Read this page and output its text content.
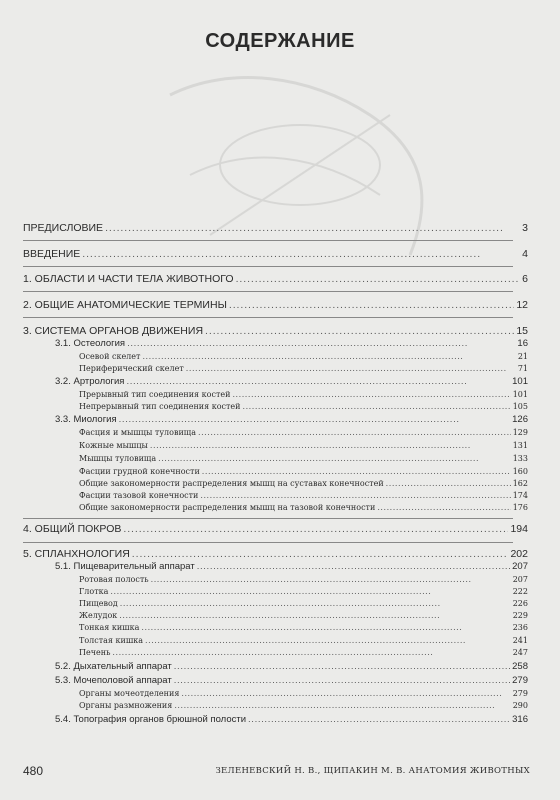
СОДЕРЖАНИЕ
ПРЕДИСЛОВИЕ . . .	3
ВВЕДЕНИЕ . . .	4
1. ОБЛАСТИ И ЧАСТИ ТЕЛА ЖИВОТНОГО . . .	6
2. ОБЩИЕ АНАТОМИЧЕСКИЕ ТЕРМИНЫ . . .	12
3. СИСТЕМА ОРГАНОВ ДВИЖЕНИЯ . . .	15
3.1. Остеология . . .	16
Осевой скелет . . .	21
Периферический скелет . . .	71
3.2. Артрология . . .	101
Прерывный тип соединения костей . . .	101
Непрерывный тип соединения костей . . .	105
3.3. Миология . . .	126
Фасция и мышцы туловища . . .	129
Кожные мышцы . . .	131
Мышцы туловища . . .	133
Фасции грудной конечности . . .	160
Общие закономерности распределения мышц на суставах конечностей . . .	162
Фасции тазовой конечности . . .	174
Общие закономерности распределения мышц на тазовой конечности . . .	176
4. ОБЩИЙ ПОКРОВ . . .	194
5. СПЛАНХНОЛОГИЯ . . .	202
5.1. Пищеварительный аппарат . . .	207
Ротовая полость . . .	207
Глотка . . .	222
Пищевод . . .	226
Желудок . . .	229
Тонкая кишка . . .	236
Толстая кишка . . .	241
Печень . . .	247
5.2. Дыхательный аппарат . . .	258
5.3. Мочеполовой аппарат . . .	279
Органы мочеотделения . . .	279
Органы размножения . . .	290
5.4. Топография органов брюшной полости . . .	316
480	ЗЕЛЕНЕВСКИЙ Н. В., ЩИПАКИН М. В. АНАТОМИЯ ЖИВОТНЫХ
